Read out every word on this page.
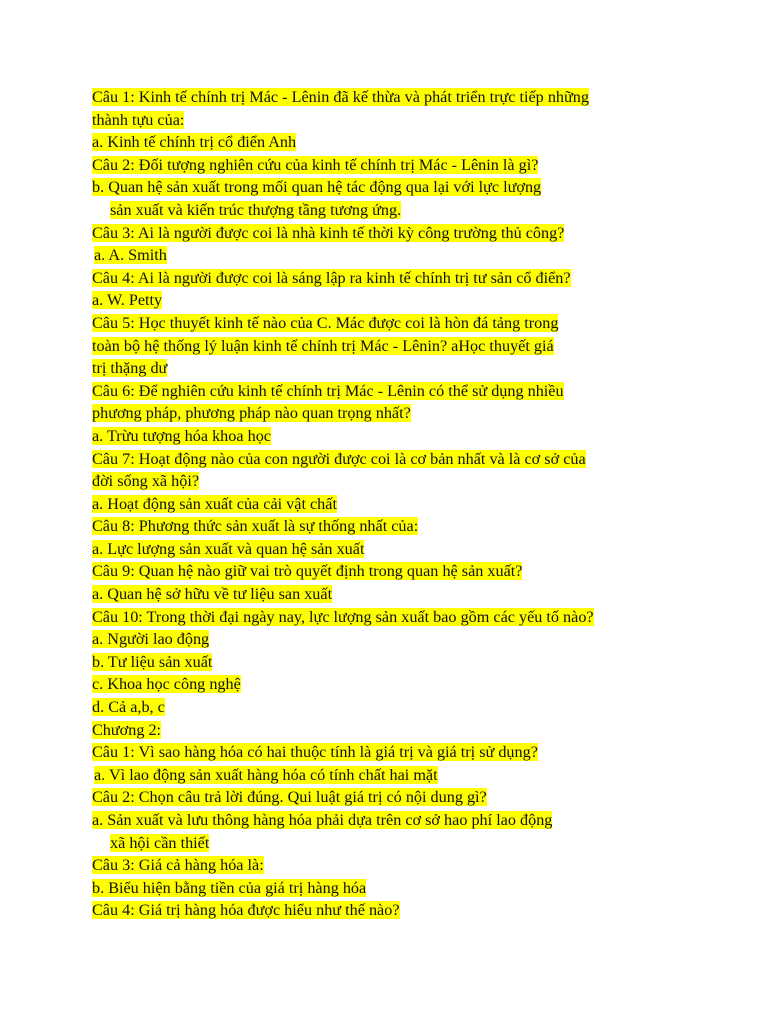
Câu 1: Kinh tế chính trị Mác - Lênin đã kế thừa và phát triển trực tiếp những
thành tựu của:
a. Kinh tế chính trị cổ điển Anh
Câu 2: Đối tượng nghiên cứu của kinh tế chính trị Mác - Lênin là gì?
b. Quan hệ sản xuất trong mối quan hệ tác động qua lại với lực lượng
sản xuất và kiến trúc thượng tầng tương ứng.
Câu 3: Ai là người được coi là nhà kinh tế thời kỳ công trường thủ công?
a. A. Smith
Câu 4: Ai là người được coi là sáng lập ra kinh tế chính trị tư sản cổ điển?
a. W. Petty
Câu 5: Học thuyết kinh tế nào của C. Mác được coi là hòn đá tảng trong
toàn bộ hệ thống lý luận kinh tế chính trị Mác - Lênin? aHọc thuyết giá
trị thặng dư
Câu 6: Để nghiên cứu kinh tế chính trị Mác - Lênin có thể sử dụng nhiều
phương pháp, phương pháp nào quan trọng nhất?
a. Trừu tượng hóa khoa học
Câu 7: Hoạt động nào của con người được coi là cơ bản nhất và là cơ sở của
đời sống xã hội?
a. Hoạt động sản xuất của cải vật chất
Câu 8: Phương thức sản xuất là sự thống nhất của:
a. Lực lượng sản xuất và quan hệ sản xuất
Câu 9: Quan hệ nào giữ vai trò quyết định trong quan hệ sản xuất?
a. Quan hệ sở hữu về tư liệu san xuất
Câu 10: Trong thời đại ngày nay, lực lượng sản xuất bao gồm các yếu tố nào?
a. Người lao động
b. Tư liệu sản xuất
c. Khoa học công nghệ
d. Cả a,b, c
Chương 2:
Câu 1: Vì sao hàng hóa có hai thuộc tính là giá trị và giá trị sử dụng?
a. Vì lao động sản xuất hàng hóa có tính chất hai mặt
Câu 2: Chọn câu trả lời đúng. Qui luật giá trị có nội dung gì?
a. Sản xuất và lưu thông hàng hóa phải dựa trên cơ sở hao phí lao động
xã hội cần thiết
Câu 3: Giá cả hàng hóa là:
b. Biểu hiện bằng tiền của giá trị hàng hóa
Câu 4: Giá trị hàng hóa được hiểu như thế nào?
